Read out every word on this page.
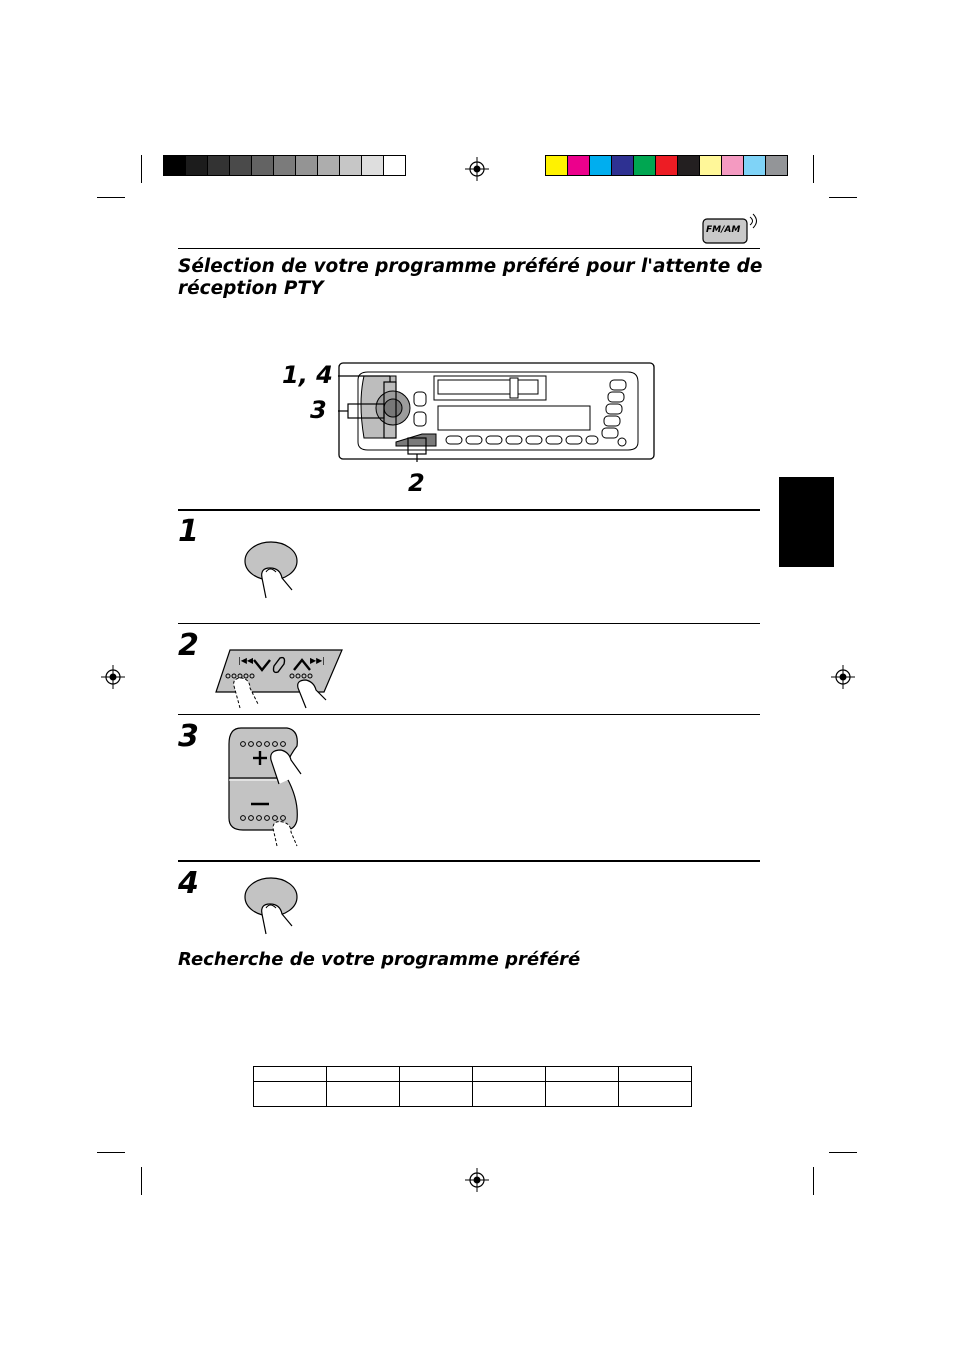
FM/AM
Sélection de votre programme préféré pour l'attente de réception PTY
1, 4
3
2
1
2
3
4
|◀◀	▶▶|
Recherche de votre programme préféré
